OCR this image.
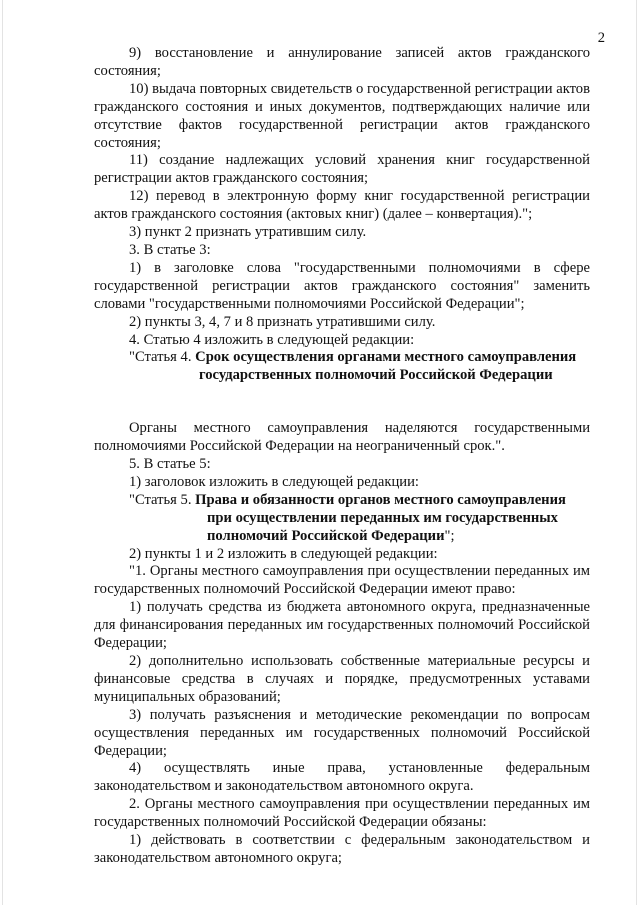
2

9) восстановление и аннулирование записей актов гражданского состояния;

10) выдача повторных свидетельств о государственной регистрации актов гражданского состояния и иных документов, подтверждающих наличие или отсутствие фактов государственной регистрации актов гражданского состояния;

11) создание надлежащих условий хранения книг государственной регистрации актов гражданского состояния;

12) перевод в электронную форму книг государственной регистрации актов гражданского состояния (актовых книг) (далее – конвертация).";

3) пункт 2 признать утратившим силу.

3. В статье 3:

1) в заголовке слова "государственными полномочиями в сфере государственной регистрации актов гражданского состояния" заменить словами "государственными полномочиями Российской Федерации";

2) пункты 3, 4, 7 и 8 признать утратившими силу.

4. Статью 4 изложить в следующей редакции:

"Статья 4. Срок осуществления органами местного самоуправления
государственных полномочий Российской Федерации

Органы местного самоуправления наделяются государственными полномочиями Российской Федерации на неограниченный срок.".

5. В статье 5:

1) заголовок изложить в следующей редакции:

"Статья 5. Права и обязанности органов местного самоуправления
при осуществлении переданных им государственных
полномочий Российской Федерации";

2) пункты 1 и 2 изложить в следующей редакции:

"1. Органы местного самоуправления при осуществлении переданных им государственных полномочий Российской Федерации имеют право:

1) получать средства из бюджета автономного округа, предназначенные для финансирования переданных им государственных полномочий Российской Федерации;

2) дополнительно использовать собственные материальные ресурсы и финансовые средства в случаях и порядке, предусмотренных уставами муниципальных образований;

3) получать разъяснения и методические рекомендации по вопросам осуществления переданных им государственных полномочий Российской Федерации;

4) осуществлять иные права, установленные федеральным законодательством и законодательством автономного округа.

2. Органы местного самоуправления при осуществлении переданных им государственных полномочий Российской Федерации обязаны:

1) действовать в соответствии с федеральным законодательством и законодательством автономного округа;
